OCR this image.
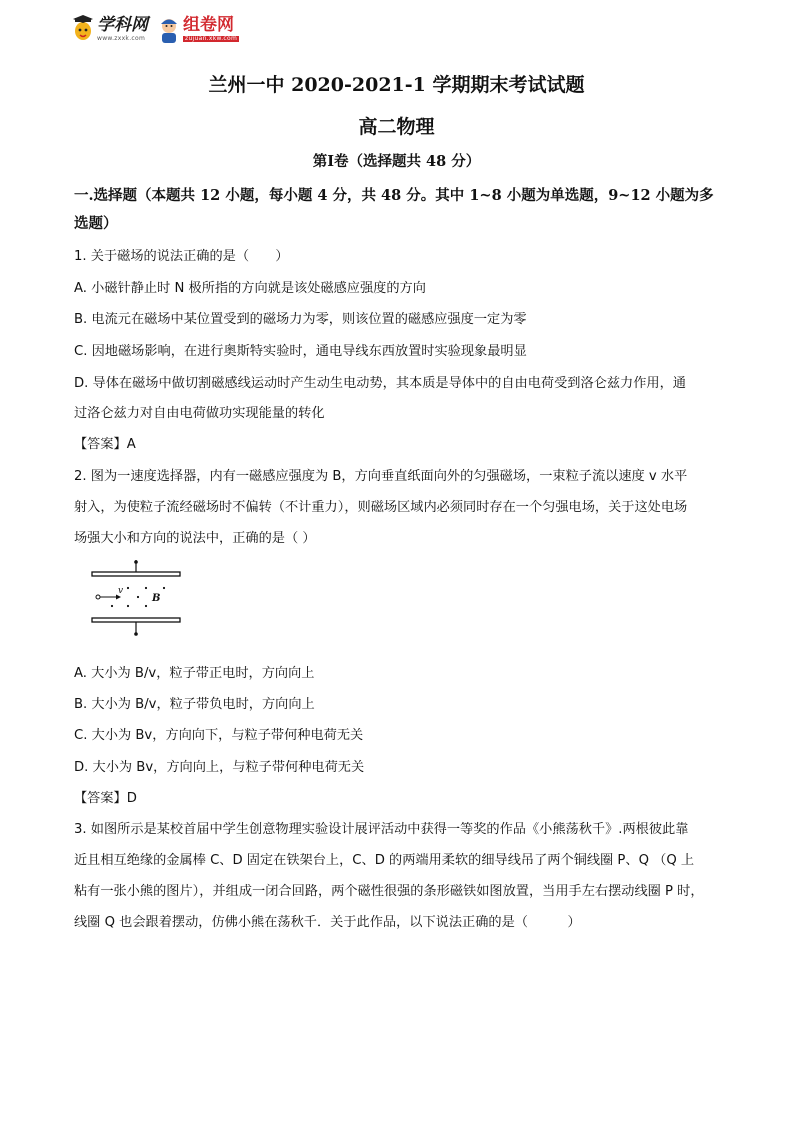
学科网
www.zxxk.com
组卷网
zujuan.xkw.com
兰州一中 2020-2021-1 学期期末考试试题
高二物理
第Ⅰ卷（选择题共 48 分）
一.选择题（本题共 12 小题，每小题 4 分，共 48 分。其中 1~8 小题为单选题，9~12 小题为多
选题）
1. 关于磁场的说法正确的是（　　）
A. 小磁针静止时 N 极所指的方向就是该处磁感应强度的方向
B. 电流元在磁场中某位置受到的磁场力为零，则该位置的磁感应强度一定为零
C. 因地磁场影响，在进行奥斯特实验时，通电导线东西放置时实验现象最明显
D. 导体在磁场中做切割磁感线运动时产生动生电动势，其本质是导体中的自由电荷受到洛仑兹力作用，通
过洛仑兹力对自由电荷做功实现能量的转化
【答案】A
2. 图为一速度选择器，内有一磁感应强度为 B，方向垂直纸面向外的匀强磁场，一束粒子流以速度 v 水平
射入，为使粒子流经磁场时不偏转（不计重力），则磁场区域内必须同时存在一个匀强电场，关于这处电场
场强大小和方向的说法中，正确的是（ ）
v
B
A. 大小为 B/v，粒子带正电时，方向向上
B. 大小为 B/v，粒子带负电时，方向向上
C. 大小为 Bv，方向向下，与粒子带何种电荷无关
D. 大小为 Bv，方向向上，与粒子带何种电荷无关
【答案】D
3. 如图所示是某校首届中学生创意物理实验设计展评活动中获得一等奖的作品《小熊荡秋千》.两根彼此靠
近且相互绝缘的金属棒 C、D 固定在铁架台上，C、D 的两端用柔软的细导线吊了两个铜线圈 P、Q （Q 上
粘有一张小熊的图片），并组成一闭合回路，两个磁性很强的条形磁铁如图放置，当用手左右摆动线圈 P 时，
线圈 Q 也会跟着摆动，仿佛小熊在荡秋千．关于此作品，以下说法正确的是（　　　）
